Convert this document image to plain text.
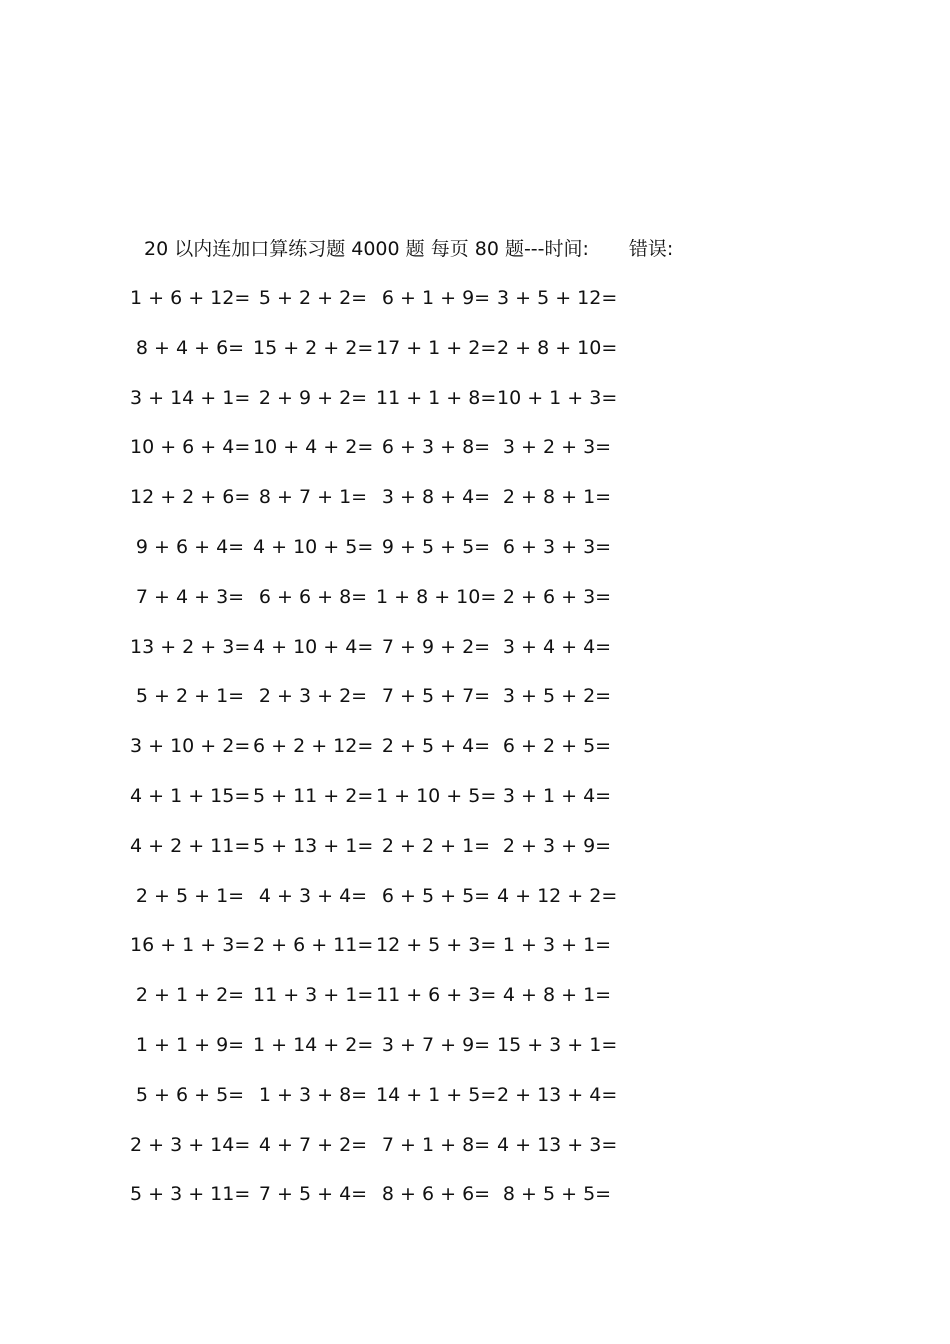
20 以内连加口算练习题 4000 题 每页 80 题---时间: 错误:
1 + 6 + 12= 5 + 2 + 2= 6 + 1 + 9= 3 + 5 + 12=
8 + 4 + 6= 15 + 2 + 2= 17 + 1 + 2= 2 + 8 + 10=
3 + 14 + 1= 2 + 9 + 2= 11 + 1 + 8= 10 + 1 + 3=
10 + 6 + 4= 10 + 4 + 2= 6 + 3 + 8= 3 + 2 + 3=
12 + 2 + 6= 8 + 7 + 1= 3 + 8 + 4= 2 + 8 + 1=
9 + 6 + 4= 4 + 10 + 5= 9 + 5 + 5= 6 + 3 + 3=
7 + 4 + 3= 6 + 6 + 8= 1 + 8 + 10= 2 + 6 + 3=
13 + 2 + 3= 4 + 10 + 4= 7 + 9 + 2= 3 + 4 + 4=
5 + 2 + 1= 2 + 3 + 2= 7 + 5 + 7= 3 + 5 + 2=
3 + 10 + 2= 6 + 2 + 12= 2 + 5 + 4= 6 + 2 + 5=
4 + 1 + 15= 5 + 11 + 2= 1 + 10 + 5= 3 + 1 + 4=
4 + 2 + 11= 5 + 13 + 1= 2 + 2 + 1= 2 + 3 + 9=
2 + 5 + 1= 4 + 3 + 4= 6 + 5 + 5= 4 + 12 + 2=
16 + 1 + 3= 2 + 6 + 11= 12 + 5 + 3= 1 + 3 + 1=
2 + 1 + 2= 11 + 3 + 1= 11 + 6 + 3= 4 + 8 + 1=
1 + 1 + 9= 1 + 14 + 2= 3 + 7 + 9= 15 + 3 + 1=
5 + 6 + 5= 1 + 3 + 8= 14 + 1 + 5= 2 + 13 + 4=
2 + 3 + 14= 4 + 7 + 2= 7 + 1 + 8= 4 + 13 + 3=
5 + 3 + 11= 7 + 5 + 4= 8 + 6 + 6= 8 + 5 + 5=
